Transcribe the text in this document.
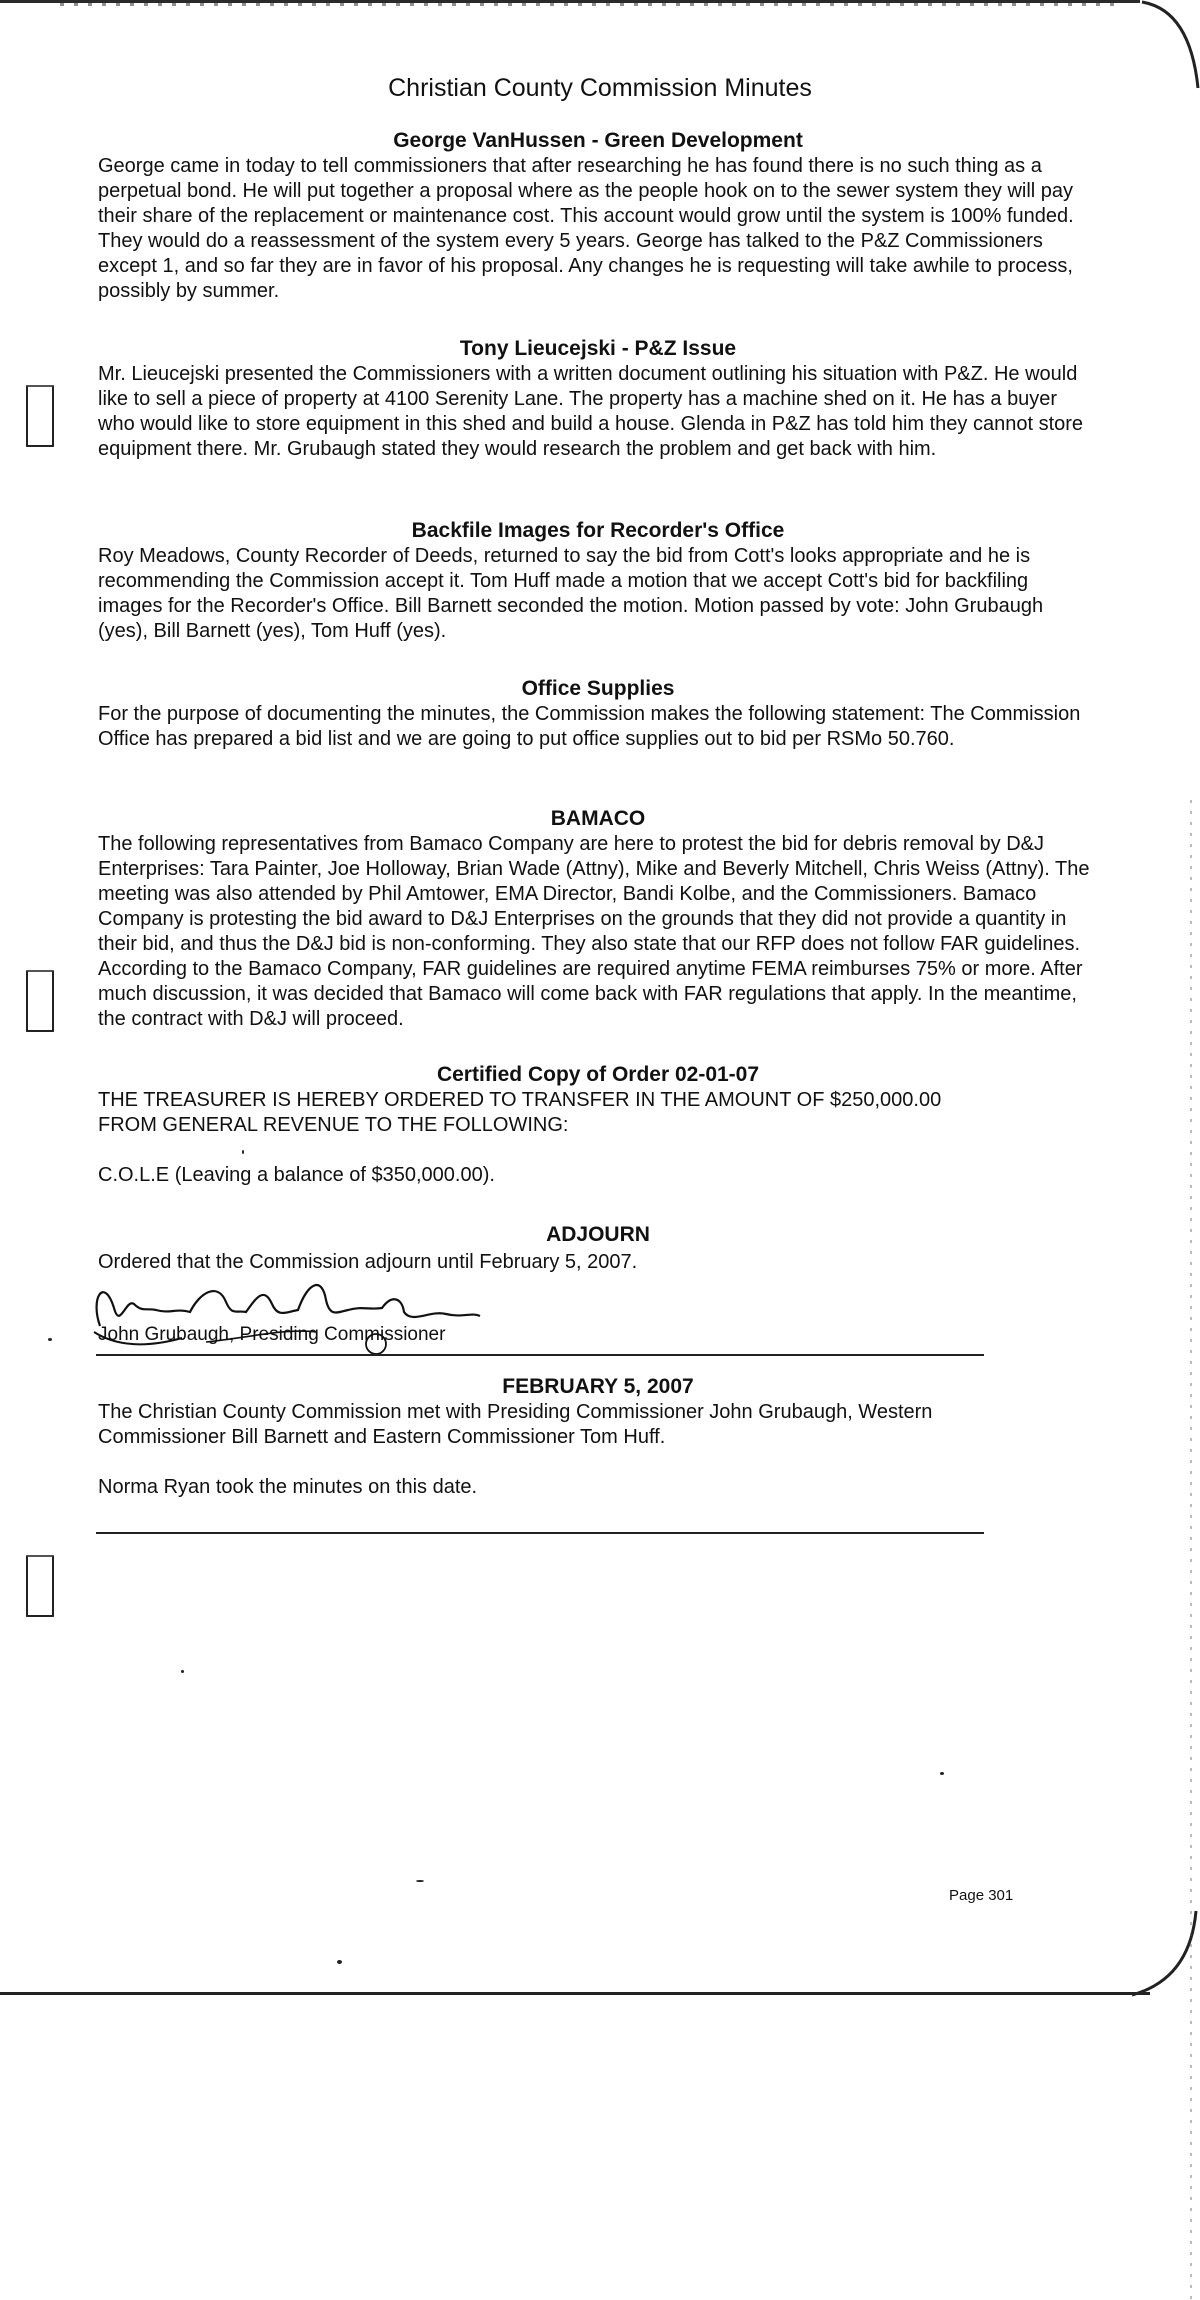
Christian County Commission Minutes
George VanHussen - Green Development

George came in today to tell commissioners that after researching he has found there is no such thing as a perpetual bond. He will put together a proposal where as the people hook on to the sewer system they will pay their share of the replacement or maintenance cost. This account would grow until the system is 100% funded. They would do a reassessment of the system every 5 years. George has talked to the P&Z Commissioners except 1, and so far they are in favor of his proposal. Any changes he is requesting will take awhile to process, possibly by summer.

Tony Lieucejski - P&Z Issue

Mr. Lieucejski presented the Commissioners with a written document outlining his situation with P&Z. He would like to sell a piece of property at 4100 Serenity Lane. The property has a machine shed on it. He has a buyer who would like to store equipment in this shed and build a house. Glenda in P&Z has told him they cannot store equipment there. Mr. Grubaugh stated they would research the problem and get back with him.

Backfile Images for Recorder's Office

Roy Meadows, County Recorder of Deeds, returned to say the bid from Cott's looks appropriate and he is recommending the Commission accept it. Tom Huff made a motion that we accept Cott's bid for backfiling images for the Recorder's Office. Bill Barnett seconded the motion. Motion passed by vote: John Grubaugh (yes), Bill Barnett (yes), Tom Huff (yes).

Office Supplies

For the purpose of documenting the minutes, the Commission makes the following statement: The Commission Office has prepared a bid list and we are going to put office supplies out to bid per RSMo 50.760.

BAMACO

The following representatives from Bamaco Company are here to protest the bid for debris removal by D&J Enterprises: Tara Painter, Joe Holloway, Brian Wade (Attny), Mike and Beverly Mitchell, Chris Weiss (Attny). The meeting was also attended by Phil Amtower, EMA Director, Bandi Kolbe, and the Commissioners. Bamaco Company is protesting the bid award to D&J Enterprises on the grounds that they did not provide a quantity in their bid, and thus the D&J bid is non-conforming. They also state that our RFP does not follow FAR guidelines. According to the Bamaco Company, FAR guidelines are required anytime FEMA reimburses 75% or more. After much discussion, it was decided that Bamaco will come back with FAR regulations that apply. In the meantime, the contract with D&J will proceed.

Certified Copy of Order 02-01-07

THE TREASURER IS HEREBY ORDERED TO TRANSFER IN THE AMOUNT OF $250,000.00

FROM GENERAL REVENUE TO THE FOLLOWING:

C.O.L.E (Leaving a balance of $350,000.00).

ADJOURN

Ordered that the Commission adjourn until February 5, 2007.

John Grubaugh, Presiding Commissioner
FEBRUARY 5, 2007

The Christian County Commission met with Presiding Commissioner John Grubaugh, Western

Commissioner Bill Barnett and Eastern Commissioner Tom Huff.

Norma Ryan took the minutes on this date.

Page 301
